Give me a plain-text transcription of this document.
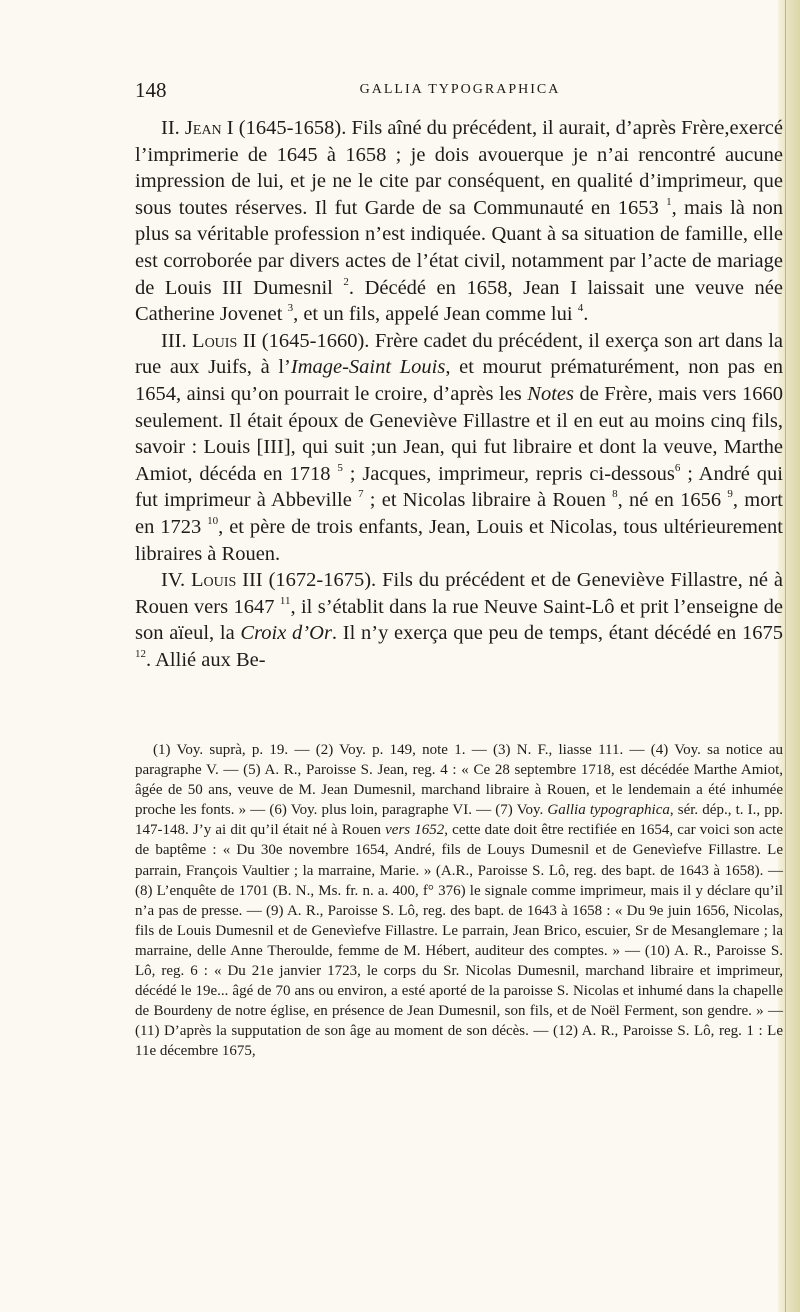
148	GALLIA TYPOGRAPHICA

II. Jean I (1645-1658). Fils aîné du précédent, il aurait, d’après Frère,exercé l’imprimerie de 1645 à 1658 ; je dois avouerque je n’ai rencontré aucune impression de lui, et je ne le cite par conséquent, en qualité d’imprimeur, que sous toutes réserves. Il fut Garde de sa Communauté en 1653 $^1$, mais là non plus sa véritable profession n’est indiquée. Quant à sa situation de famille, elle est corroborée par divers actes de l’état civil, notamment par l’acte de mariage de Louis III Dumesnil $^2$. Décédé en 1658, Jean I laissait une veuve née Catherine Jovenet $^3$, et un fils, appelé Jean comme lui $^4$.

III. Louis II (1645-1660). Frère cadet du précédent, il exerça son art dans la rue aux Juifs, à l’Image-Saint Louis, et mourut prématurément, non pas en 1654, ainsi qu’on pourrait le croire, d’après les Notes de Frère, mais vers 1660 seulement. Il était époux de Geneviève Fillastre et il en eut au moins cinq fils, savoir : Louis [III], qui suit ;un Jean, qui fut libraire et dont la veuve, Marthe Amiot, décéda en 1718 $^5$ ; Jacques, imprimeur, repris ci-dessous$^6$ ; André qui fut imprimeur à Abbeville $^7$ ; et Nicolas libraire à Rouen $^8$, né en 1656 $^9$, mort en 1723 $^{10}$, et père de trois enfants, Jean, Louis et Nicolas, tous ultérieurement libraires à Rouen.

IV. Louis III (1672-1675). Fils du précédent et de Geneviève Fillastre, né à Rouen vers 1647 $^{11}$, il s’établit dans la rue Neuve Saint-Lô et prit l’enseigne de son aïeul, la Croix d’Or. Il n’y exerça que peu de temps, étant décédé en 1675 $^{12}$. Allié aux Be-

(1) Voy. suprà, p. 19. — (2) Voy. p. 149, note 1. — (3) N. F., liasse 111. — (4) Voy. sa notice au paragraphe V. — (5) A. R., Paroisse S. Jean, reg. 4 : « Ce 28 septembre 1718, est décédée Marthe Amiot, âgée de 50 ans, veuve de M. Jean Dumesnil, marchand libraire à Rouen, et le lendemain a été inhumée proche les fonts. » — (6) Voy. plus loin, paragraphe VI. — (7) Voy. Gallia typographica, sér. dép., t. I., pp. 147-148. J’y ai dit qu’il était né à Rouen vers 1652, cette date doit être rectifiée en 1654, car voici son acte de baptême : « Du 30e novembre 1654, André, fils de Louys Dumesnil et de Genevìefve Fillastre. Le parrain, François Vaultier ; la marraine, Marie. » (A.R., Paroisse S. Lô, reg. des bapt. de 1643 à 1658). — (8) L’enquête de 1701 (B. N., Ms. fr. n. a. 400, f° 376) le signale comme imprimeur, mais il y déclare qu’il n’a pas de presse. — (9) A. R., Paroisse S. Lô, reg. des bapt. de 1643 à 1658 : « Du 9e juin 1656, Nicolas, fils de Louis Dumesnil et de Genevìefve Fillastre. Le parrain, Jean Brico, escuier, Sr de Mesanglemare ; la marraine, delle Anne Theroulde, femme de M. Hébert, auditeur des comptes. » — (10) A. R., Paroisse S. Lô, reg. 6 : « Du 21e janvier 1723, le corps du Sr. Nicolas Dumesnil, marchand libraire et imprimeur, décédé le 19e... âgé de 70 ans ou environ, a esté aporté de la paroisse S. Nicolas et inhumé dans la chapelle de Bourdeny de notre église, en présence de Jean Dumesnil, son fils, et de Noël Ferment, son gendre. » — (11) D’après la supputation de son âge au moment de son décès. — (12) A. R., Paroisse S. Lô, reg. 1 : Le 11e décembre 1675,
